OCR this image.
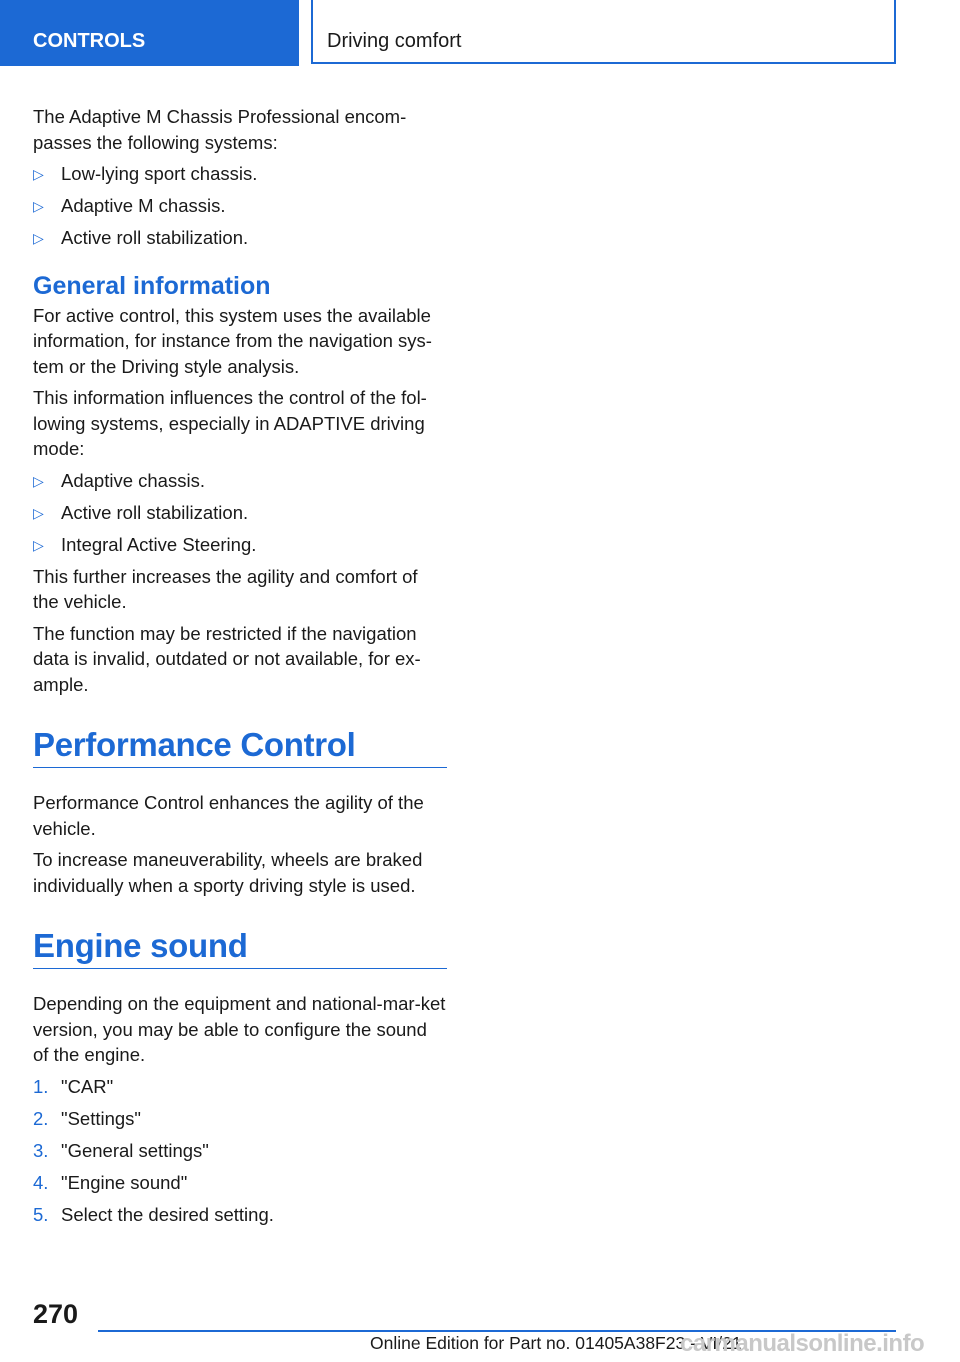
CONTROLS	Driving comfort

The Adaptive M Chassis Professional encom-passes the following systems:

▷ Low-lying sport chassis.
▷ Adaptive M chassis.
▷ Active roll stabilization.
General information

For active control, this system uses the available information, for instance from the navigation sys-tem or the Driving style analysis.

This information influences the control of the fol-lowing systems, especially in ADAPTIVE driving mode:

▷ Adaptive chassis.
▷ Active roll stabilization.
▷ Integral Active Steering.

This further increases the agility and comfort of the vehicle.

The function may be restricted if the navigation data is invalid, outdated or not available, for ex-ample.

Performance Control

Performance Control enhances the agility of the vehicle.

To increase maneuverability, wheels are braked individually when a sporty driving style is used.

Engine sound

Depending on the equipment and national-mar-ket version, you may be able to configure the sound of the engine.

1. "CAR"
2. "Settings"
3. "General settings"
4. "Engine sound"
5. Select the desired setting.
270
Online Edition for Part no. 01405A38F23 - VI/21
carmanualsonline.info
